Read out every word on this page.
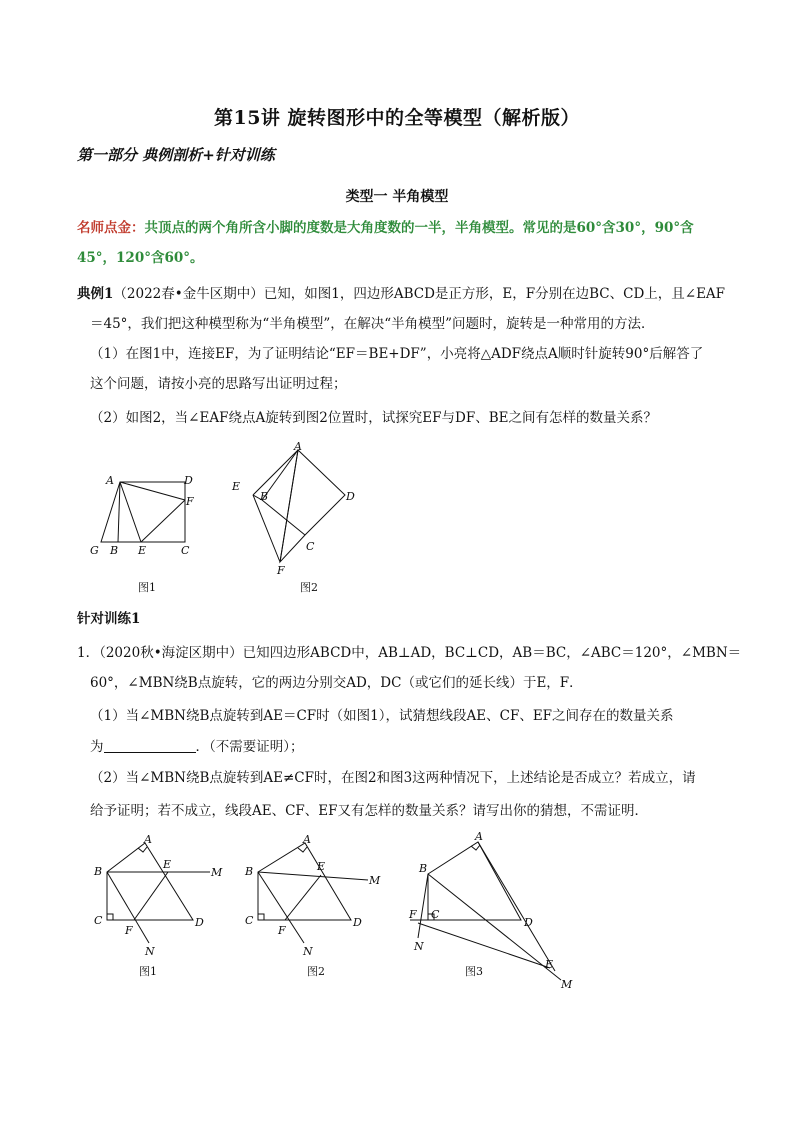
第15讲 旋转图形中的全等模型（解析版）
第一部分 典例剖析+针对训练
类型一 半角模型
名师点金：共顶点的两个角所含小脚的度数是大角度数的一半，半角模型。常见的是60°含30°，90°含
45°，120°含60°。
典例1（2022春•金牛区期中）已知，如图1，四边形ABCD是正方形，E，F分别在边BC、CD上，且∠EAF
＝45°，我们把这种模型称为“半角模型”，在解决“半角模型”问题时，旋转是一种常用的方法．
（1）在图1中，连接EF，为了证明结论“EF＝BE+DF”，小亮将△ADF绕点A顺时针旋转90°后解答了
这个问题，请按小亮的思路写出证明过程；
（2）如图2，当∠EAF绕点A旋转到图2位置时，试探究EF与DF、BE之间有怎样的数量关系？
A	D
F
G B E	C
图1
A
E
B	D
C
F
图2
针对训练1
1．（2020秋•海淀区期中）已知四边形ABCD中，AB⊥AD，BC⊥CD，AB＝BC，∠ABC＝120°，∠MBN＝
60°，∠MBN绕B点旋转，它的两边分别交AD，DC（或它们的延长线）于E，F．
（1）当∠MBN绕B点旋转到AE＝CF时（如图1），试猜想线段AE、CF、EF之间存在的数量关系
为	．（不需要证明）；
（2）当∠MBN绕B点旋转到AE≠CF时，在图2和图3这两种情况下，上述结论是否成立？若成立，请
给予证明；若不成立，线段AE、CF、EF又有怎样的数量关系？请写出你的猜想，不需证明．
A
B
E
M
C
F
D
N
图1
A
B	E
M
C
F
D
N
图2
A
B
F C
D
N
E
M
图3
